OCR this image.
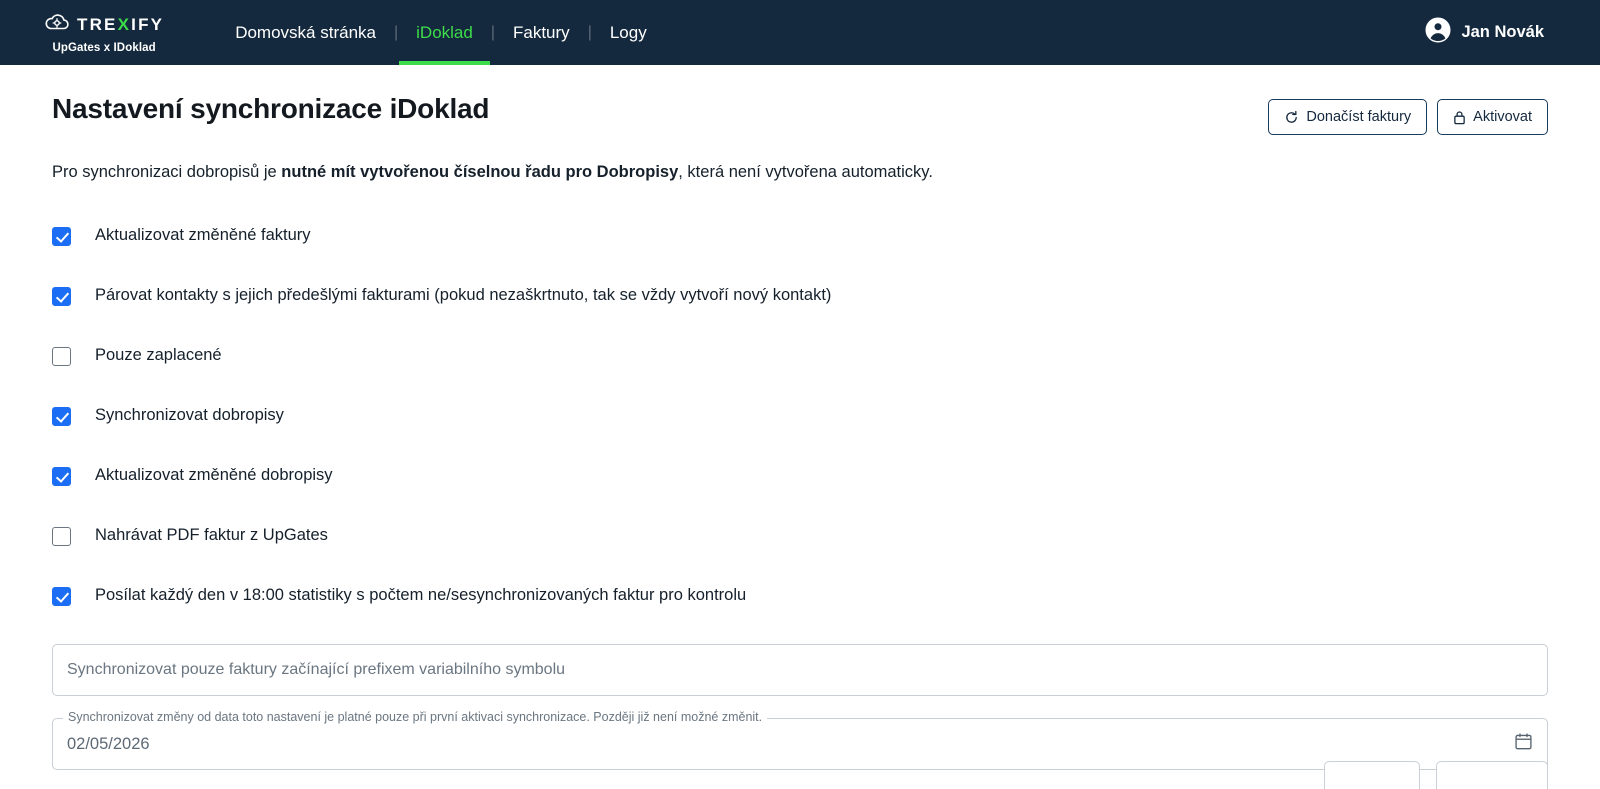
TREXIFY
UpGates x IDoklad
Domovská stránka	|	iDoklad	|	Faktury	|	Logy	Jan Novák
Nastavení synchronizace iDoklad	Donačíst faktury	Aktivovat

Pro synchronizaci dobropisů je nutné mít vytvořenou číselnou řadu pro Dobropisy, která není vytvořena automaticky.

Aktualizovat změněné faktury
Párovat kontakty s jejich předešlými fakturami (pokud nezaškrtnuto, tak se vždy vytvoří nový kontakt)
Pouze zaplacené
Synchronizovat dobropisy
Aktualizovat změněné dobropisy
Nahrávat PDF faktur z UpGates
Posílat každý den v 18:00 statistiky s počtem ne/sesynchronizovaných faktur pro kontrolu
Synchronizovat pouze faktury začínající prefixem variabilního symbolu
Synchronizovat změny od data toto nastavení je platné pouze při první aktivaci synchronizace. Později již není možné změnit.
02/05/2026
